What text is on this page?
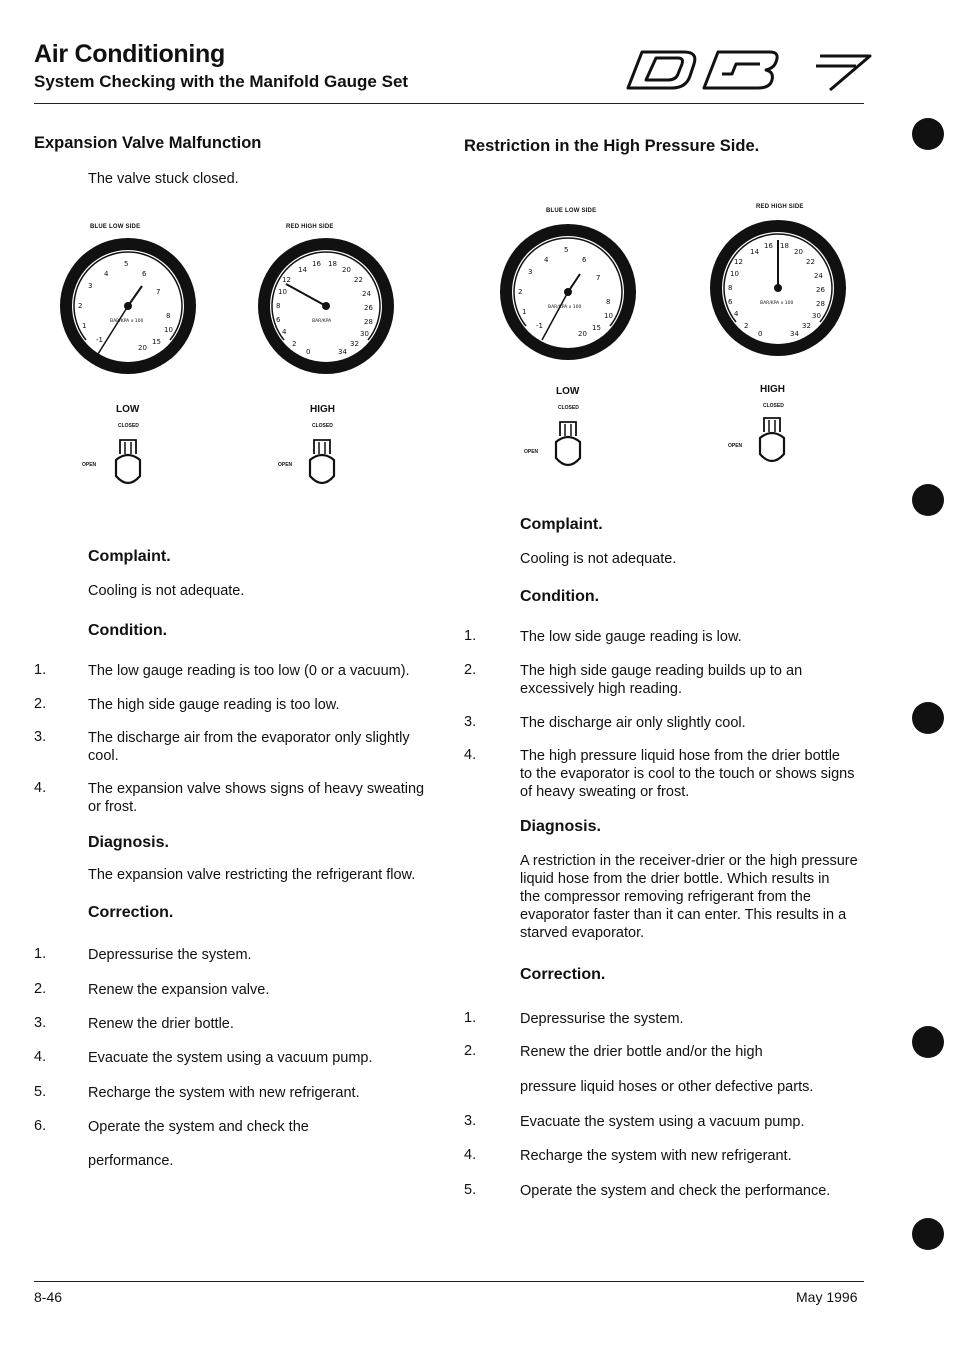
Air Conditioning
System Checking with the Manifold Gauge Set
Expansion Valve Malfunction
The valve stuck closed.
BLUE LOW SIDE	RED HIGH SIDE
4
5
6
3
7
2
8
1	10
-1	15
20
BAR/KPA x 100
16 18
20
14
12	22
10	24
8	26
6	28
4	30
2	32
0	34
BAR/KPA
LOW	HIGH
CLOSED	CLOSED
OPEN	OPEN
Complaint.
Cooling is not adequate.
Condition.
1.	The low gauge reading is too low (0 or a vacuum).
2.	The high side gauge reading is too low.
3.	The discharge air from the evaporator only slightly
cool.
4.	The expansion valve shows signs of heavy sweating
or frost.
Diagnosis.
The expansion valve restricting the refrigerant flow.
Correction.
1.	Depressurise the system.
2.	Renew the expansion valve.
3.	Renew the drier bottle.
4.	Evacuate the system using a vacuum pump.
5.	Recharge the system with new refrigerant.
6.	Operate the system and check the
performance.
Restriction in the High Pressure Side.
BLUE LOW SIDE
RED HIGH SIDE
4
5
6
3
7
2
8
1	10
-1	15
20
BAR/KPA x 100
16 18
20
14
12	22
10	24
8	26
6	28
4	30
2	32
0	34
BAR/KPA x 100
LOW	HIGH
CLOSED	CLOSED
OPEN
OPEN
Complaint.
Cooling is not adequate.
Condition.
1.	The low side gauge reading is low.
2.	The high side gauge reading builds up to an
excessively high reading.
3.	The discharge air only slightly cool.
4.	The high pressure liquid hose from the drier bottle
to the evaporator is cool to the touch or shows signs
of heavy sweating or frost.
Diagnosis.
A restriction in the receiver-drier or the high pressure
liquid hose from the drier bottle. Which results in
the compressor removing refrigerant from the
evaporator faster than it can enter. This results in a
starved evaporator.
Correction.
1.	Depressurise the system.
2.	Renew the drier bottle and/or the high
pressure liquid hoses or other defective parts.
3.	Evacuate the system using a vacuum pump.
4.	Recharge the system with new refrigerant.
5.	Operate the system and check the performance.
8-46	May 1996
